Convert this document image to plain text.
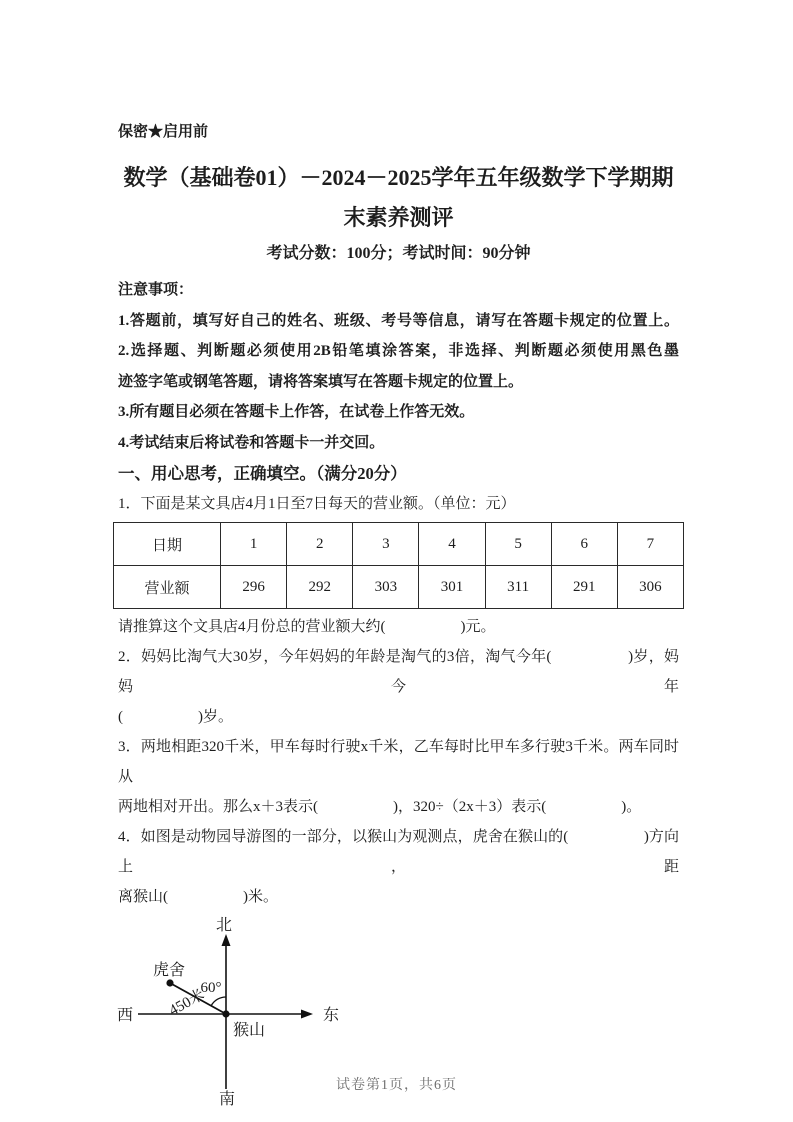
保密★启用前
数学（基础卷01）－2024－2025学年五年级数学下学期期
末素养测评
考试分数：100分；考试时间：90分钟
注意事项：
1.答题前，填写好自己的姓名、班级、考号等信息，请写在答题卡规定的位置上。
2.选择题、判断题必须使用2B铅笔填涂答案，非选择、判断题必须使用黑色墨
迹签字笔或钢笔答题，请将答案填写在答题卡规定的位置上。
3.所有题目必须在答题卡上作答，在试卷上作答无效。
4.考试结束后将试卷和答题卡一并交回。
一、用心思考，正确填空。（满分20分）
1．下面是某文具店4月1日至7日每天的营业额。（单位：元）
日期	1	2	3	4	5	6	7
营业额	296	292	303	301	311	291	306
请推算这个文具店4月份总的营业额大约(　　　　　)元。
2．妈妈比淘气大30岁，今年妈妈的年龄是淘气的3倍，淘气今年(　　　　　)岁，妈妈今年
(　　　　　)岁。
3．两地相距320千米，甲车每时行驶x千米，乙车每时比甲车多行驶3千米。两车同时从
两地相对开出。那么x＋3表示(　　　　　)，320÷（2x＋3）表示(　　　　　)。
4．如图是动物园导游图的一部分，以猴山为观测点，虎舍在猴山的(　　　　　)方向上，距
离猴山(　　　　　)米。
北
南
西	东
虎舍
猴山
60°
450米
试卷第1页，共6页
